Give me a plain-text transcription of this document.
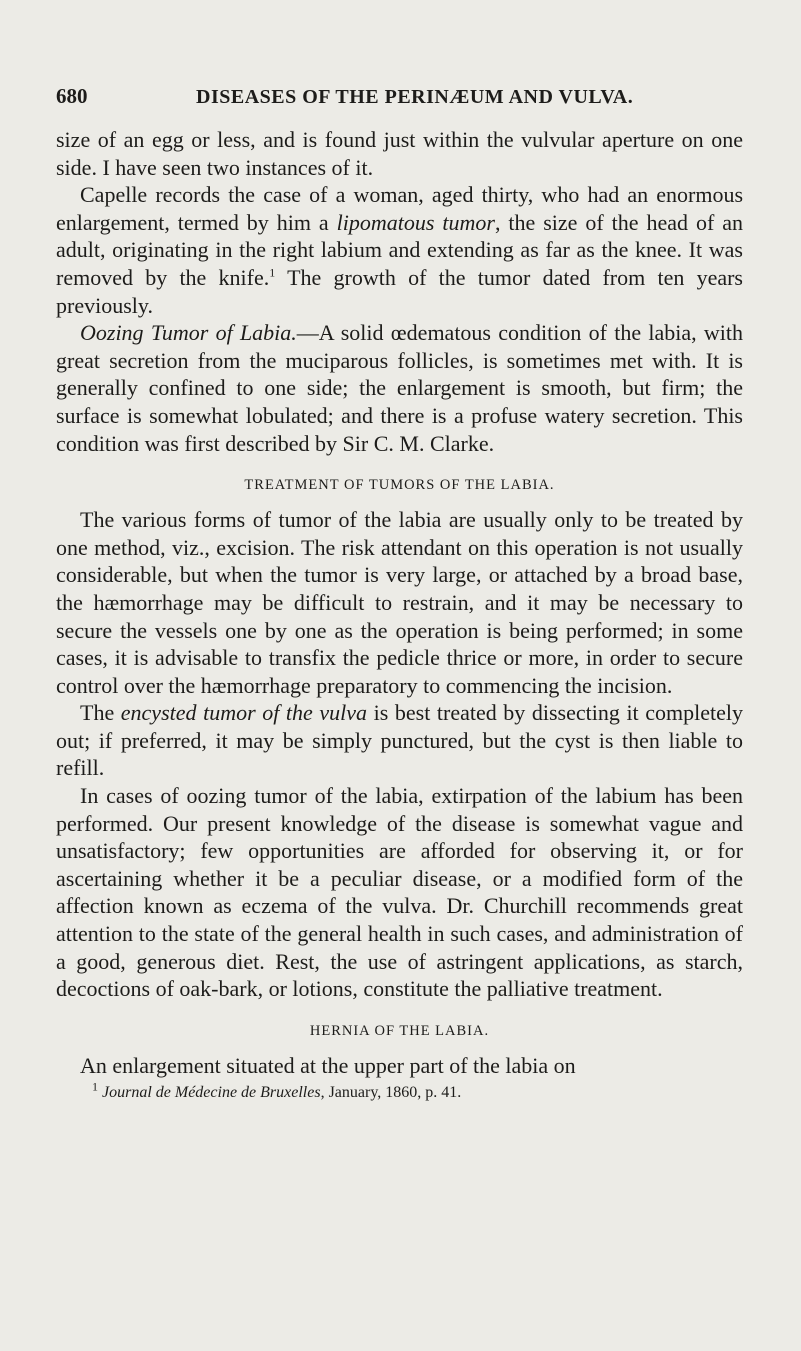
680	DISEASES OF THE PERINÆUM AND VULVA.

size of an egg or less, and is found just within the vulvular aperture on one side. I have seen two instances of it.

Capelle records the case of a woman, aged thirty, who had an enormous enlargement, termed by him a lipomatous tumor, the size of the head of an adult, originating in the right labium and extending as far as the knee. It was removed by the knife.$^1$ The growth of the tumor dated from ten years previously.

Oozing Tumor of Labia.—A solid œdematous condition of the labia, with great secretion from the muciparous follicles, is sometimes met with. It is generally confined to one side; the enlargement is smooth, but firm; the surface is somewhat lobulated; and there is a profuse watery secretion. This condition was first described by Sir C. M. Clarke.

TREATMENT OF TUMORS OF THE LABIA.

The various forms of tumor of the labia are usually only to be treated by one method, viz., excision. The risk attendant on this operation is not usually considerable, but when the tumor is very large, or attached by a broad base, the hæmorrhage may be difficult to restrain, and it may be necessary to secure the vessels one by one as the operation is being performed; in some cases, it is advisable to transfix the pedicle thrice or more, in order to secure control over the hæmorrhage preparatory to commencing the incision.

The encysted tumor of the vulva is best treated by dissecting it completely out; if preferred, it may be simply punctured, but the cyst is then liable to refill.

In cases of oozing tumor of the labia, extirpation of the labium has been performed. Our present knowledge of the disease is somewhat vague and unsatisfactory; few opportunities are afforded for observing it, or for ascertaining whether it be a peculiar disease, or a modified form of the affection known as eczema of the vulva. Dr. Churchill recommends great attention to the state of the general health in such cases, and administration of a good, generous diet. Rest, the use of astringent applications, as starch, decoctions of oak-bark, or lotions, constitute the palliative treatment.

HERNIA OF THE LABIA.

An enlargement situated at the upper part of the labia on

$^1$ Journal de Médecine de Bruxelles, January, 1860, p. 41.
